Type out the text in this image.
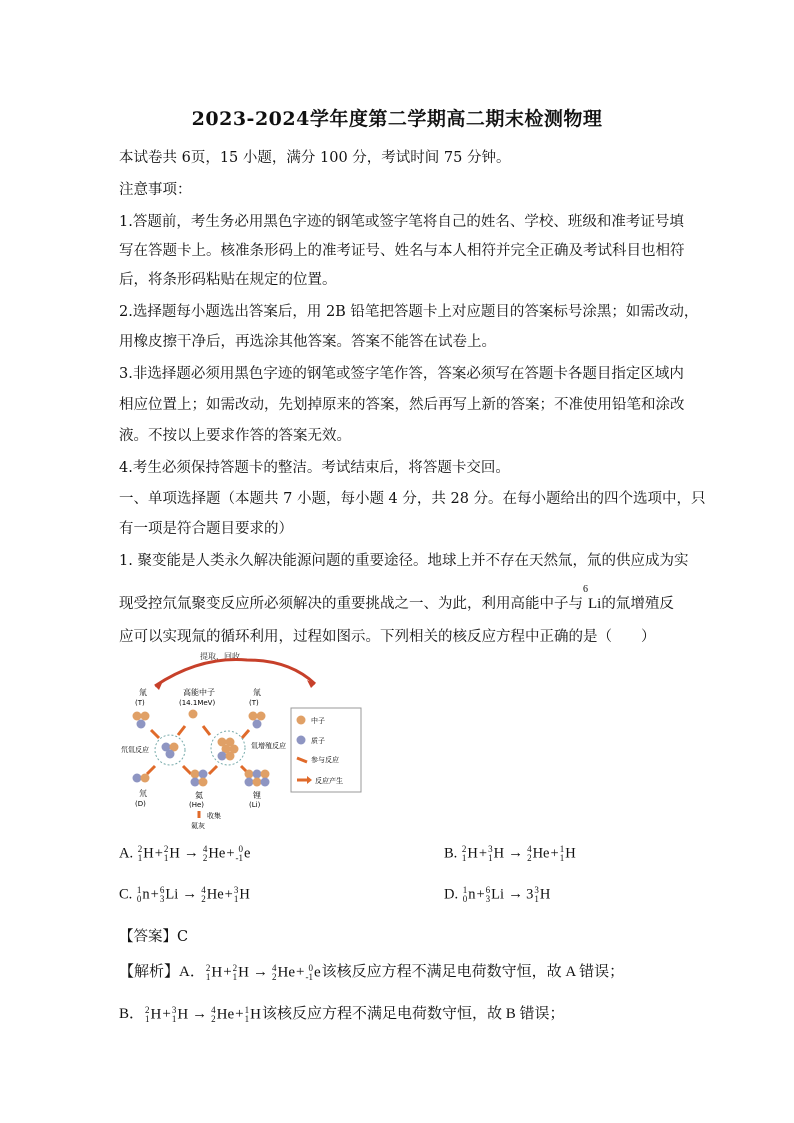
2023-2024学年度第二学期高二期末检测物理
本试卷共 6页，15 小题，满分 100 分，考试时间 75 分钟。
注意事项：
1.答题前，考生务必用黑色字迹的钢笔或签字笔将自己的姓名、学校、班级和准考证号填
写在答题卡上。核准条形码上的准考证号、姓名与本人相符并完全正确及考试科目也相符
后，将条形码粘贴在规定的位置。
2.选择题每小题选出答案后，用 2B 铅笔把答题卡上对应题目的答案标号涂黑；如需改动，
用橡皮擦干净后，再选涂其他答案。答案不能答在试卷上。
3.非选择题必须用黑色字迹的钢笔或签字笔作答，答案必须写在答题卡各题目指定区域内
相应位置上；如需改动，先划掉原来的答案，然后再写上新的答案；不准使用铅笔和涂改
液。不按以上要求作答的答案无效。
4.考生必须保持答题卡的整洁。考试结束后，将答题卡交回。
一、单项选择题（本题共 7 小题，每小题 4 分，共 28 分。在每小题给出的四个选项中，只
有一项是符合题目要求的）
1. 聚变能是人类永久解决能源问题的重要途径。地球上并不存在天然氚，氚的供应成为实
现受控氘氚聚变反应所必须解决的重要挑战之一、为此，利用高能中子与$^6$Li的氚增殖反
应可以实现氚的循环利用，过程如图示。下列相关的核反应方程中正确的是（　　）
提取，回收
氚
(T)
高能中子
(14.1MeV)
氚
(T)
氘氚反应	氚增殖反应
氘
(D)
氦
(He)
收集
氦灰
锂
(Li)
中子
质子
参与反应
反应产生
A. 2
1 H+ 2
1 H → 4
2 He+ 0
-1 e	B. 2
1 H+ 3
1 H → 4
2 He+ 1
1 H
C. 1
0 n+ 6
3 Li → 4
2 He+ 3
1 H	D. 1
0 n+ 6
3 Li → 3 3
1 H
【答案】C
【解析】A． 2
1 H+ 2
1 H → 4
2 He+ 0
-1 e该核反应方程不满足电荷数守恒，故 A 错误；
B． 2
1 H+ 3
1 H → 4
2 He+ 1
1 H该核反应方程不满足电荷数守恒，故 B 错误；
